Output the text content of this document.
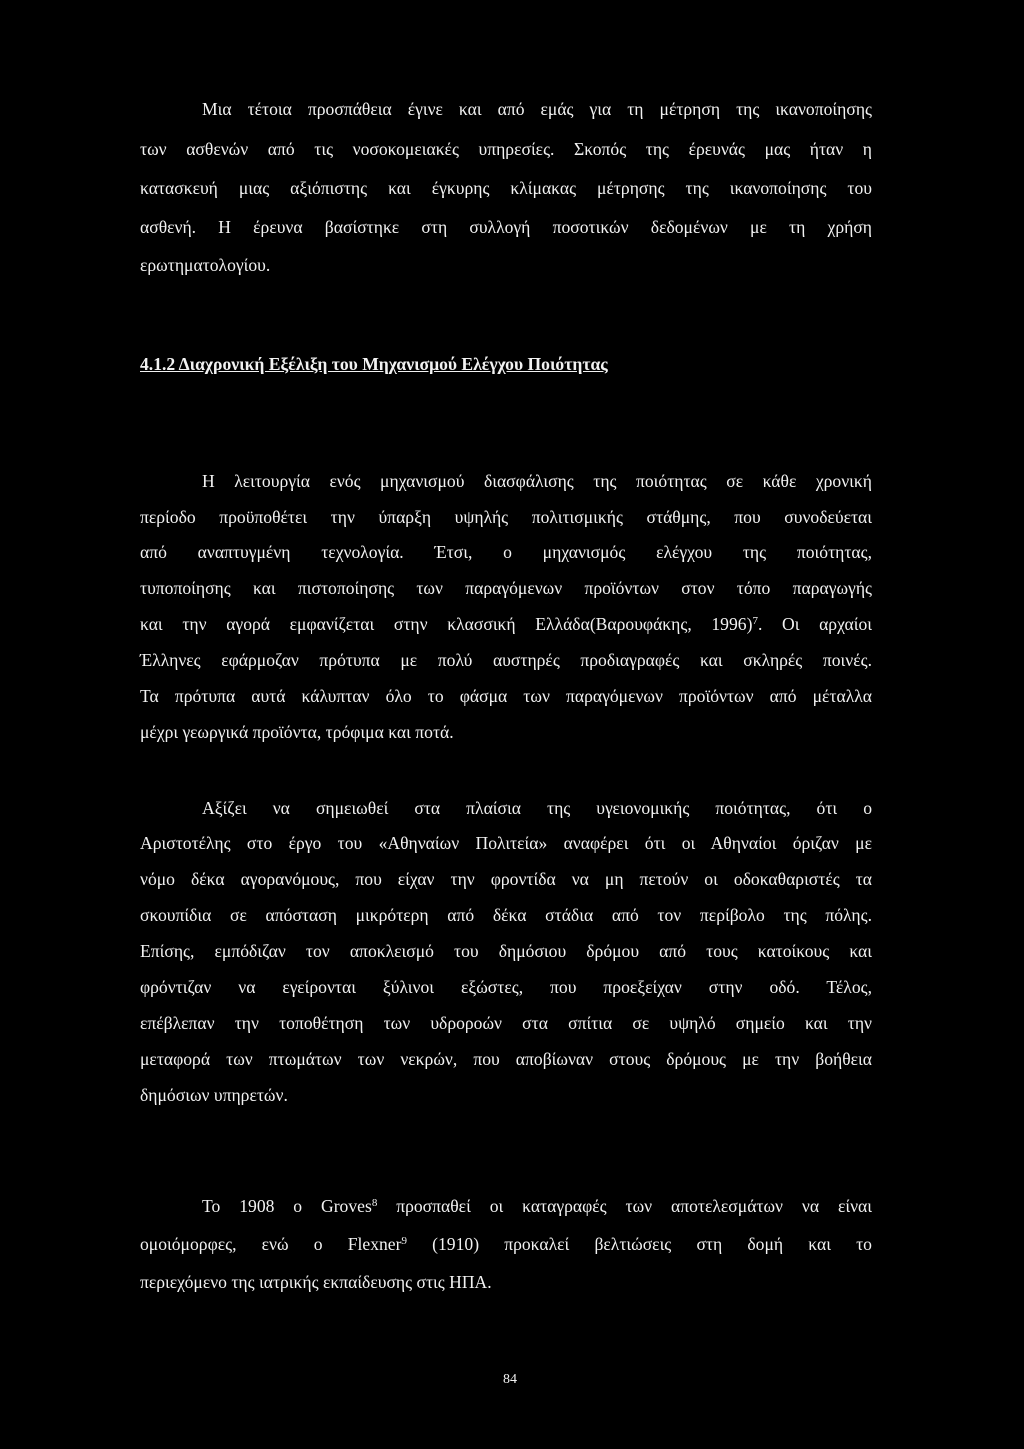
Μια τέτοια προσπάθεια έγινε και από εμάς για τη μέτρηση της ικανοποίησης
των ασθενών από τις νοσοκομειακές υπηρεσίες. Σκοπός της έρευνάς μας ήταν η
κατασκευή μιας αξιόπιστης και έγκυρης κλίμακας μέτρησης της ικανοποίησης του
ασθενή. Η έρευνα βασίστηκε στη συλλογή ποσοτικών δεδομένων με τη χρήση
ερωτηματολογίου.
4.1.2 Διαχρονική Εξέλιξη του Μηχανισμού Ελέγχου Ποιότητας
Η λειτουργία ενός μηχανισμού διασφάλισης της ποιότητας σε κάθε χρονική
περίοδο προϋποθέτει την ύπαρξη υψηλής πολιτισμικής στάθμης, που συνοδεύεται
από αναπτυγμένη τεχνολογία. Έτσι, ο μηχανισμός ελέγχου της ποιότητας,
τυποποίησης και πιστοποίησης των παραγόμενων προϊόντων στον τόπο παραγωγής
και την αγορά εμφανίζεται στην κλασσική Ελλάδα(Βαρουφάκης, 1996)$^7$. Οι αρχαίοι
Έλληνες εφάρμοζαν πρότυπα με πολύ αυστηρές προδιαγραφές και σκληρές ποινές.
Τα πρότυπα αυτά κάλυπταν όλο το φάσμα των παραγόμενων προϊόντων από μέταλλα
μέχρι γεωργικά προϊόντα, τρόφιμα και ποτά.
Αξίζει να σημειωθεί στα πλαίσια της υγειονομικής ποιότητας, ότι ο
Αριστοτέλης στο έργο του «Αθηναίων Πολιτεία» αναφέρει ότι οι Αθηναίοι όριζαν με
νόμο δέκα αγορανόμους, που είχαν την φροντίδα να μη πετούν οι οδοκαθαριστές τα
σκουπίδια σε απόσταση μικρότερη από δέκα στάδια από τον περίβολο της πόλης.
Επίσης, εμπόδιζαν τον αποκλεισμό του δημόσιου δρόμου από τους κατοίκους και
φρόντιζαν να εγείρονται ξύλινοι εξώστες, που προεξείχαν στην οδό. Τέλος,
επέβλεπαν την τοποθέτηση των υδρορoών στα σπίτια σε υψηλό σημείο και την
μεταφορά των πτωμάτων των νεκρών, που αποβίωναν στους δρόμους με την βοήθεια
δημόσιων υπηρετών.
Το 1908 ο Groves$^8$ προσπαθεί οι καταγραφές των αποτελεσμάτων να είναι
ομοιόμορφες, ενώ ο Flexner$^9$ (1910) προκαλεί βελτιώσεις στη δομή και το
περιεχόμενο της ιατρικής εκπαίδευσης στις ΗΠΑ.
84
